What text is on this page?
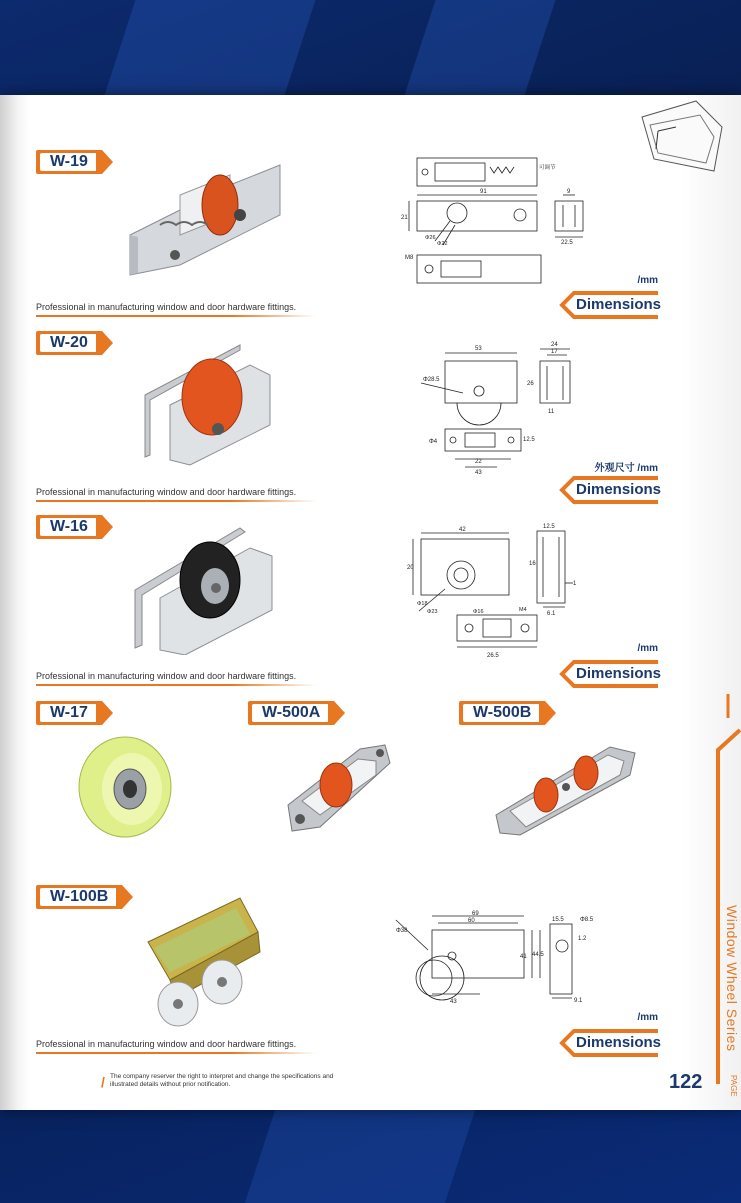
W-19
91
21
9
22.5
Φ26
Φ22
M8
可调节
Professional in manufacturing window and door hardware fittings.
/mm
Dimensions
W-20	53
24
17
26
11
Φ28.5
12.5
22
43
Φ4
Professional in manufacturing window and door hardware fittings.
外观尺寸 /mm
Dimensions
W-16	42	12.5
20
16
Φ18
Φ23	Φ16	M4
26.5
6.1
1
Professional in manufacturing window and door hardware fittings.
/mm
Dimensions
W-17	W-500A	W-500B
W-100B
69
60	15.5	Φ8.5
Φ38
41 44.5
1.2
43	9.1
Professional in manufacturing window and door hardware fittings.
/mm
Dimensions	Window Wheel Series
PAGE
/ The company reserver the right to interpret and change the specifications and illustrated details without prior notification.	122
